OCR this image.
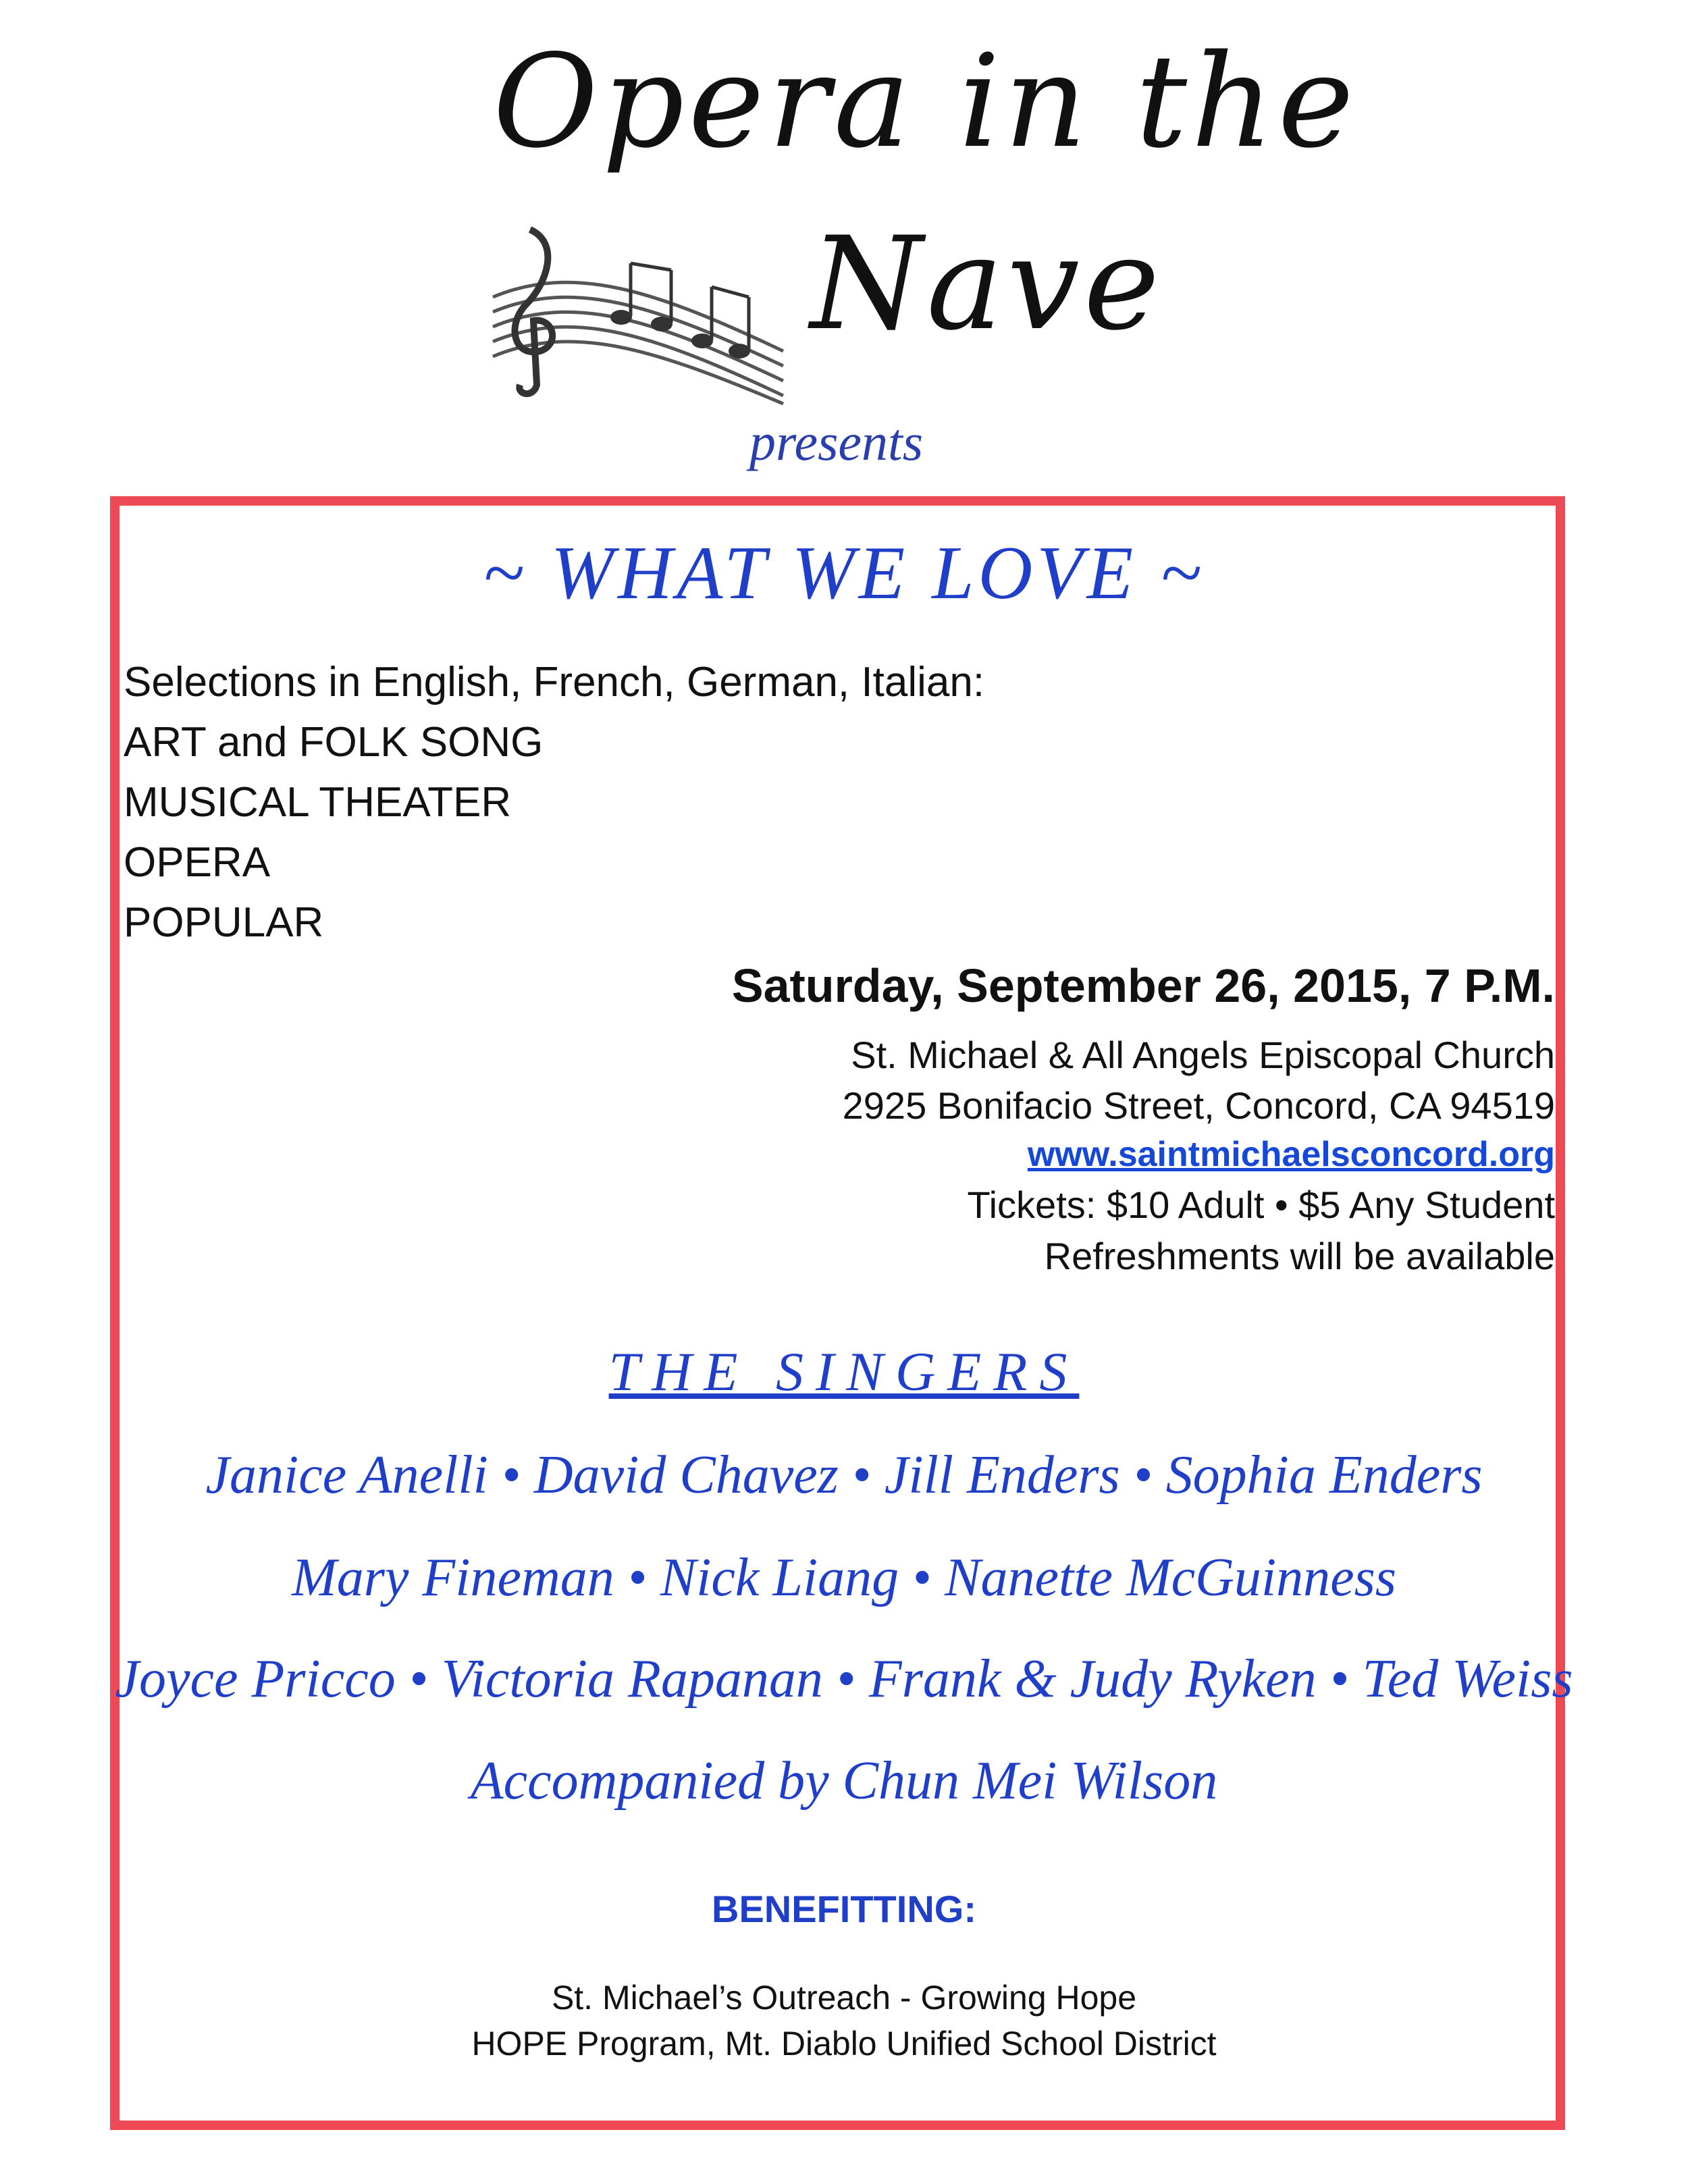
Opera in the
Nave
presents
~ WHAT WE LOVE ~
Selections in English, French, German, Italian:
ART and FOLK SONG
MUSICAL THEATER
OPERA
POPULAR
Saturday, September 26, 2015, 7 P.M.
St. Michael & All Angels Episcopal Church
2925 Bonifacio Street, Concord, CA 94519
www.saintmichaelsconcord.org
Tickets: $10 Adult • $5 Any Student
Refreshments will be available
THE SINGERS
Janice Anelli • David Chavez • Jill Enders • Sophia Enders
Mary Fineman • Nick Liang • Nanette McGuinness
Joyce Pricco • Victoria Rapanan • Frank & Judy Ryken • Ted Weiss
Accompanied by Chun Mei Wilson
BENEFITTING:
St. Michael’s Outreach - Growing Hope
HOPE Program, Mt. Diablo Unified School District
